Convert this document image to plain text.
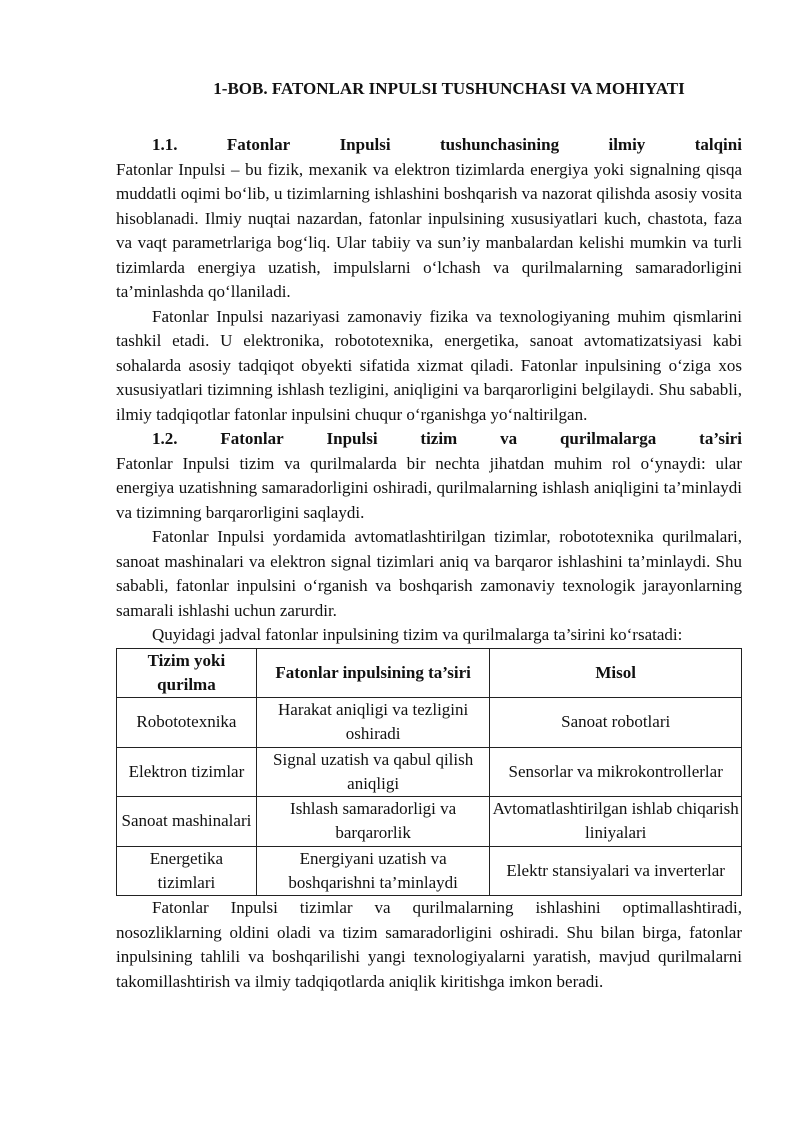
1-BOB. FATONLAR INPULSI TUSHUNCHASI VA MOHIYATI
1.1.	Fatonlar	Inpulsi	tushunchasining	ilmiy	talqini

Fatonlar Inpulsi – bu fizik, mexanik va elektron tizimlarda energiya yoki signalning qisqa muddatli oqimi bo‘lib, u tizimlarning ishlashini boshqarish va nazorat qilishda asosiy vosita hisoblanadi. Ilmiy nuqtai nazardan, fatonlar inpulsining xususiyatlari kuch, chastota, faza va vaqt parametrlariga bog‘liq. Ular tabiiy va sun’iy manbalardan kelishi mumkin va turli tizimlarda energiya uzatish, impulslarni o‘lchash va qurilmalarning samaradorligini ta’minlashda qo‘llaniladi.

Fatonlar Inpulsi nazariyasi zamonaviy fizika va texnologiyaning muhim qismlarini tashkil etadi. U elektronika, robototexnika, energetika, sanoat avtomatizatsiyasi kabi sohalarda asosiy tadqiqot obyekti sifatida xizmat qiladi. Fatonlar inpulsining o‘ziga xos xususiyatlari tizimning ishlash tezligini, aniqligini va barqarorligini belgilaydi. Shu sababli, ilmiy tadqiqotlar fatonlar inpulsini chuqur o‘rganishga yo‘naltirilgan.

1.2.	Fatonlar	Inpulsi	tizim	va	qurilmalarga	ta’siri

Fatonlar Inpulsi tizim va qurilmalarda bir nechta jihatdan muhim rol o‘ynaydi: ular energiya uzatishning samaradorligini oshiradi, qurilmalarning ishlash aniqligini ta’minlaydi va tizimning barqarorligini saqlaydi.

Fatonlar Inpulsi yordamida avtomatlashtirilgan tizimlar, robototexnika qurilmalari, sanoat mashinalari va elektron signal tizimlari aniq va barqaror ishlashini ta’minlaydi. Shu sababli, fatonlar inpulsini o‘rganish va boshqarish zamonaviy texnologik jarayonlarning samarali ishlashi uchun zarurdir.

Quyidagi jadval fatonlar inpulsining tizim va qurilmalarga ta’sirini ko‘rsatadi:

Tizim yoki qurilma	Fatonlar inpulsining ta’siri	Misol
Robototexnika	Harakat aniqligi va tezligini oshiradi	Sanoat robotlari
Elektron tizimlar	Signal uzatish va qabul qilish aniqligi	Sensorlar va mikrokontrollerlar
Sanoat mashinalari	Ishlash samaradorligi va barqarorlik	Avtomatlashtirilgan ishlab chiqarish liniyalari
Energetika tizimlari	Energiyani uzatish va boshqarishni ta’minlaydi	Elektr stansiyalari va inverterlar

Fatonlar Inpulsi tizimlar va qurilmalarning ishlashini optimallashtiradi, nosozliklarning oldini oladi va tizim samaradorligini oshiradi. Shu bilan birga, fatonlar inpulsining tahlili va boshqarilishi yangi texnologiyalarni yaratish, mavjud qurilmalarni takomillashtirish va ilmiy tadqiqotlarda aniqlik kiritishga imkon beradi.
